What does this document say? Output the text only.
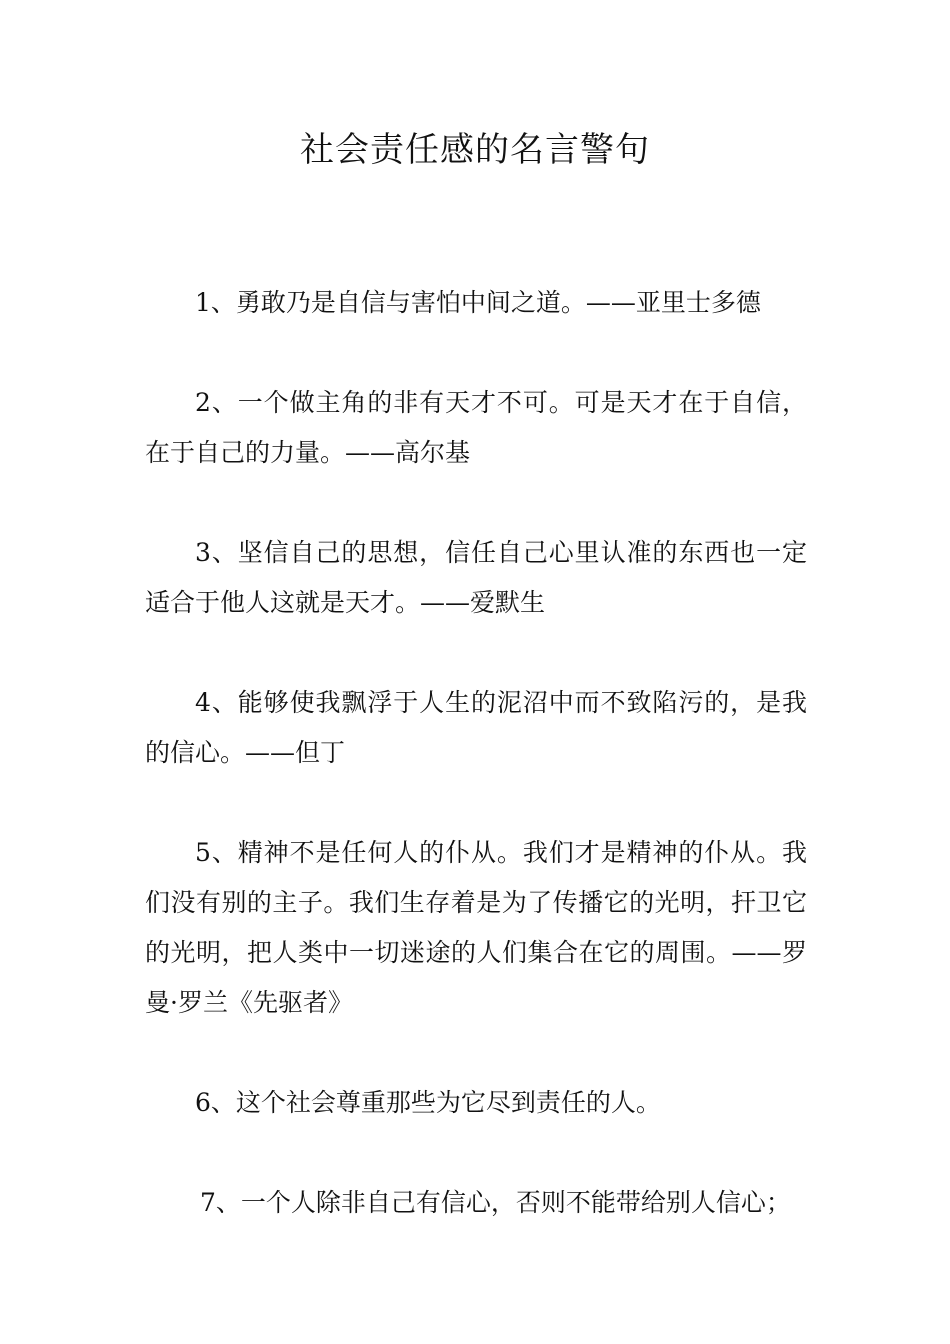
社会责任感的名言警句

1、勇敢乃是自信与害怕中间之道。——亚里士多德

2、一个做主角的非有天才不可。可是天才在于自信，在于自己的力量。——高尔基

3、坚信自己的思想，信任自己心里认准的东西也一定适合于他人这就是天才。——爱默生

4、能够使我飘浮于人生的泥沼中而不致陷污的，是我的信心。——但丁

5、精神不是任何人的仆从。我们才是精神的仆从。我们没有别的主子。我们生存着是为了传播它的光明，扞卫它的光明，把人类中一切迷途的人们集合在它的周围。——罗曼·罗兰《先驱者》

6、这个社会尊重那些为它尽到责任的人。

7、一个人除非自己有信心，否则不能带给别人信心；
